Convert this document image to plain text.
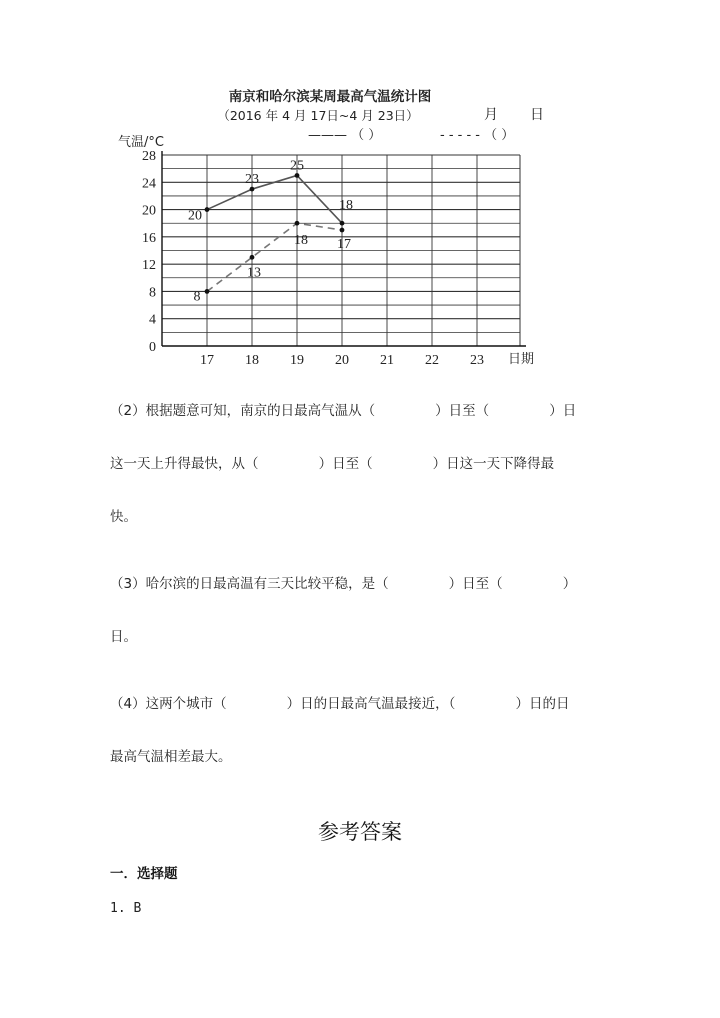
0
4
8
12
16
20
24
28
17 18 19 20 21 22 23
气温/°C
日期
南京和哈尔滨某周最高气温统计图
（2016 年 4 月 17日~4 月 23日）	月 日
——— （ ）	- - - - - （ ）
20
23
25
18
8
13
18 17

（2）根据题意可知，南京的日最高气温从（              ）日至（              ）日

这一天上升得最快，从（              ）日至（              ）日这一天下降得最

快。

（3）哈尔滨的日最高温有三天比较平稳，是（              ）日至（              ）

日。

（4）这两个城市（              ）日的日最高气温最接近，（              ）日的日

最高气温相差最大。

参考答案

一．选择题

1. B
